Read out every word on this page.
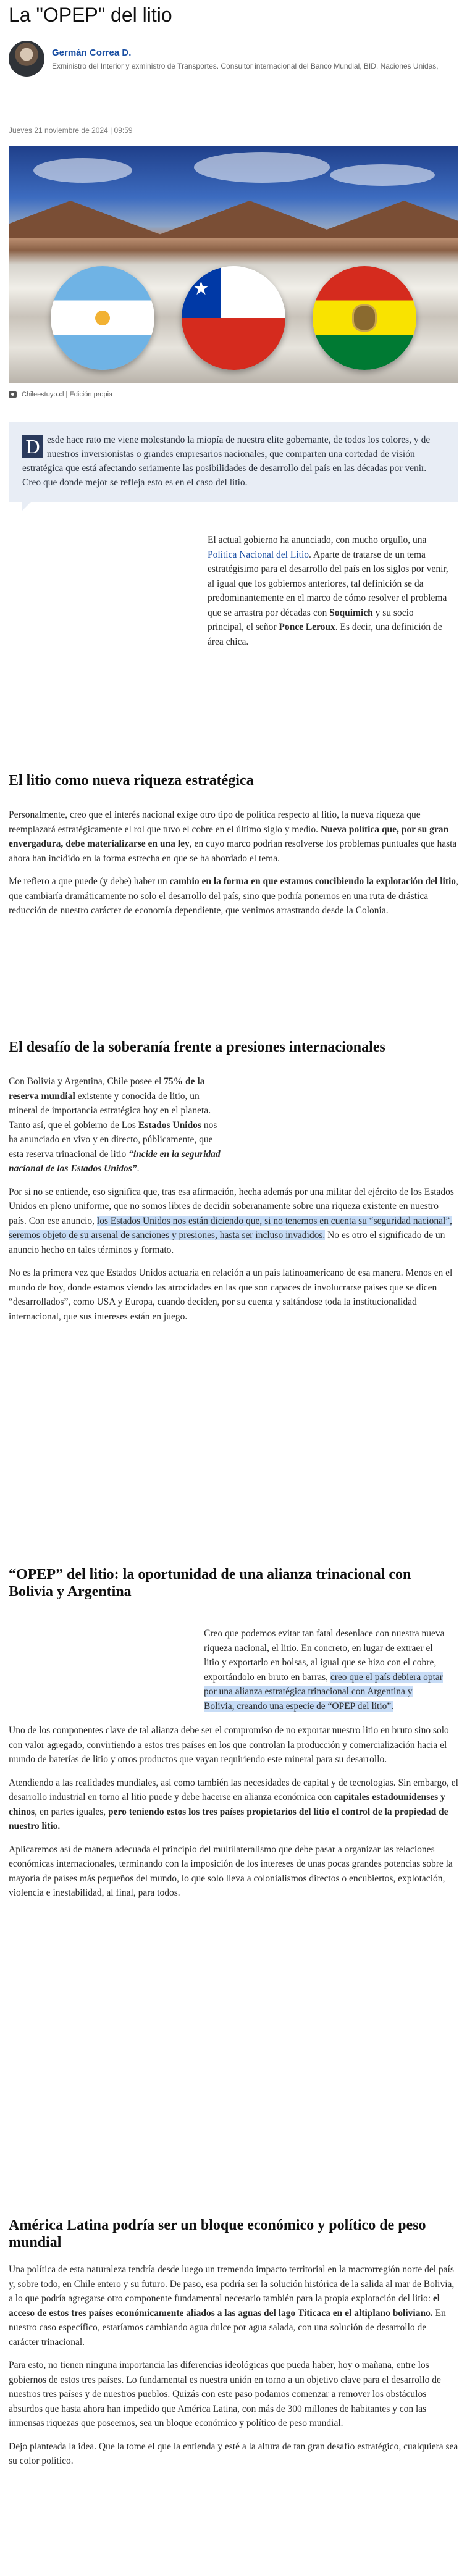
La "OPEP" del litio
Germán Correa D.
Exministro del Interior y exministro de Transportes. Consultor internacional del Banco Mundial, BID, Naciones Unidas,
Jueves 21 noviembre de 2024 | 09:59
★
Chileestuyo.cl | Edición propia
D esde hace rato me viene molestando la miopía de nuestra elite gobernante, de todos los colores, y de nuestros inversionistas o grandes empresarios nacionales, que comparten una cortedad de visión estratégica que está afectando seriamente las posibilidades de desarrollo del país en las décadas por venir. Creo que donde mejor se refleja esto es en el caso del litio.
El actual gobierno ha anunciado, con mucho orgullo, una Política Nacional del Litio. Aparte de tratarse de un tema estratégisimo para el desarrollo del país en los siglos por venir, al igual que los gobiernos anteriores, tal definición se da predominantemente en el marco de cómo resolver el problema que se arrastra por décadas con Soquimich y su socio principal, el señor Ponce Leroux. Es decir, una definición de área chica.
El litio como nueva riqueza estratégica

Personalmente, creo que el interés nacional exige otro tipo de política respecto al litio, la nueva riqueza que reemplazará estratégicamente el rol que tuvo el cobre en el último siglo y medio. Nueva política que, por su gran envergadura, debe materializarse en una ley, en cuyo marco podrían resolverse los problemas puntuales que hasta ahora han incidido en la forma estrecha en que se ha abordado el tema.

Me refiero a que puede (y debe) haber un cambio en la forma en que estamos concibiendo la explotación del litio, que cambiaría dramáticamente no solo el desarrollo del país, sino que podría ponernos en una ruta de drástica reducción de nuestro carácter de economía dependiente, que venimos arrastrando desde la Colonia.

El desafío de la soberanía frente a presiones internacionales

Con Bolivia y Argentina, Chile posee el 75% de la reserva mundial existente y conocida de litio, un mineral de importancia estratégica hoy en el planeta. Tanto así, que el gobierno de Los Estados Unidos nos ha anunciado en vivo y en directo, públicamente, que esta reserva trinacional de litio “incide en la seguridad nacional de los Estados Unidos”.

Por si no se entiende, eso significa que, tras esa afirmación, hecha además por una militar del ejército de los Estados Unidos en pleno uniforme, que no somos libres de decidir soberanamente sobre una riqueza existente en nuestro país. Con ese anuncio, los Estados Unidos nos están diciendo que, si no tenemos en cuenta su “seguridad nacional”, seremos objeto de su arsenal de sanciones y presiones, hasta ser incluso invadidos. No es otro el significado de un anuncio hecho en tales términos y formato.

No es la primera vez que Estados Unidos actuaría en relación a un país latinoamericano de esa manera. Menos en el mundo de hoy, donde estamos viendo las atrocidades en las que son capaces de involucrarse países que se dicen “desarrollados”, como USA y Europa, cuando deciden, por su cuenta y saltándose toda la institucionalidad internacional, que sus intereses están en juego.

“OPEP” del litio: la oportunidad de una alianza trinacional con Bolivia y Argentina

Creo que podemos evitar tan fatal desenlace con nuestra nueva riqueza nacional, el litio. En concreto, en lugar de extraer el litio y exportarlo en bolsas, al igual que se hizo con el cobre, exportándolo en bruto en barras, creo que el país debiera optar por una alianza estratégica trinacional con Argentina y Bolivia, creando una especie de “OPEP del litio”.

Uno de los componentes clave de tal alianza debe ser el compromiso de no exportar nuestro litio en bruto sino solo con valor agregado, convirtiendo a estos tres países en los que controlan la producción y comercialización hacia el mundo de baterías de litio y otros productos que vayan requiriendo este mineral para su desarrollo.

Atendiendo a las realidades mundiales, así como también las necesidades de capital y de tecnologías. Sin embargo, el desarrollo industrial en torno al litio puede y debe hacerse en alianza económica con capitales estadounidenses y chinos, en partes iguales, pero teniendo estos los tres países propietarios del litio el control de la propiedad de nuestro litio.

Aplicaremos así de manera adecuada el principio del multilateralismo que debe pasar a organizar las relaciones económicas internacionales, terminando con la imposición de los intereses de unas pocas grandes potencias sobre la mayoría de países más pequeños del mundo, lo que solo lleva a colonialismos directos o encubiertos, explotación, violencia e inestabilidad, al final, para todos.

América Latina podría ser un bloque económico y político de peso mundial

Una política de esta naturaleza tendría desde luego un tremendo impacto territorial en la macrorregión norte del país y, sobre todo, en Chile entero y su futuro. De paso, esa podría ser la solución histórica de la salida al mar de Bolivia, a lo que podría agregarse otro componente fundamental necesario también para la propia explotación del litio: el acceso de estos tres países económicamente aliados a las aguas del lago Titicaca en el altiplano boliviano. En nuestro caso específico, estaríamos cambiando agua dulce por agua salada, con una solución de desarrollo de carácter trinacional.

Para esto, no tienen ninguna importancia las diferencias ideológicas que pueda haber, hoy o mañana, entre los gobiernos de estos tres países. Lo fundamental es nuestra unión en torno a un objetivo clave para el desarrollo de nuestros tres países y de nuestros pueblos. Quizás con este paso podamos comenzar a remover los obstáculos absurdos que hasta ahora han impedido que América Latina, con más de 300 millones de habitantes y con las inmensas riquezas que poseemos, sea un bloque económico y político de peso mundial.

Dejo planteada la idea. Que la tome el que la entienda y esté a la altura de tan gran desafío estratégico, cualquiera sea su color político.
